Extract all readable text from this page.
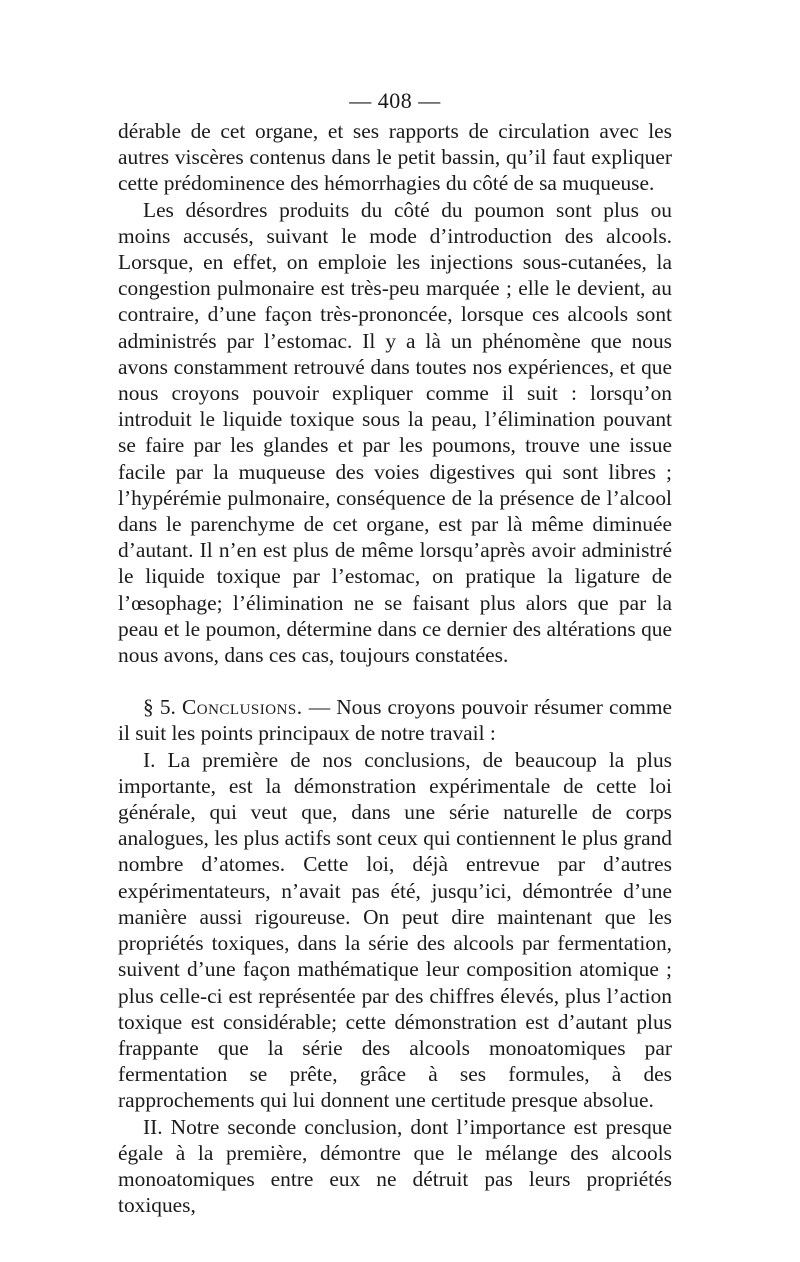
— 408 —

dérable de cet organe, et ses rapports de circulation avec les autres viscères contenus dans le petit bassin, qu’il faut expliquer cette prédominence des hémorrhagies du côté de sa muqueuse.

Les désordres produits du côté du poumon sont plus ou moins accusés, suivant le mode d’introduction des alcools. Lorsque, en effet, on emploie les injections sous-cutanées, la congestion pulmonaire est très-peu marquée ; elle le devient, au contraire, d’une façon très-prononcée, lorsque ces alcools sont administrés par l’estomac. Il y a là un phénomène que nous avons constamment retrouvé dans toutes nos expériences, et que nous croyons pouvoir expliquer comme il suit : lorsqu’on introduit le liquide toxique sous la peau, l’élimination pouvant se faire par les glandes et par les poumons, trouve une issue facile par la muqueuse des voies digestives qui sont libres ; l’hypérémie pulmonaire, conséquence de la présence de l’alcool dans le parenchyme de cet organe, est par là même diminuée d’autant. Il n’en est plus de même lorsqu’après avoir administré le liquide toxique par l’estomac, on pratique la ligature de l’œsophage; l’élimination ne se faisant plus alors que par la peau et le poumon, détermine dans ce dernier des altérations que nous avons, dans ces cas, toujours constatées.

§ 5. Conclusions. — Nous croyons pouvoir résumer comme il suit les points principaux de notre travail :

I. La première de nos conclusions, de beaucoup la plus importante, est la démonstration expérimentale de cette loi générale, qui veut que, dans une série naturelle de corps analogues, les plus actifs sont ceux qui contiennent le plus grand nombre d’atomes. Cette loi, déjà entrevue par d’autres expérimentateurs, n’avait pas été, jusqu’ici, démontrée d’une manière aussi rigoureuse. On peut dire maintenant que les propriétés toxiques, dans la série des alcools par fermentation, suivent d’une façon mathématique leur composition atomique ; plus celle-ci est représentée par des chiffres élevés, plus l’action toxique est considérable; cette démonstration est d’autant plus frappante que la série des alcools monoatomiques par fermentation se prête, grâce à ses formules, à des rapprochements qui lui donnent une certitude presque absolue.

II. Notre seconde conclusion, dont l’importance est presque égale à la première, démontre que le mélange des alcools monoatomiques entre eux ne détruit pas leurs propriétés toxiques,
